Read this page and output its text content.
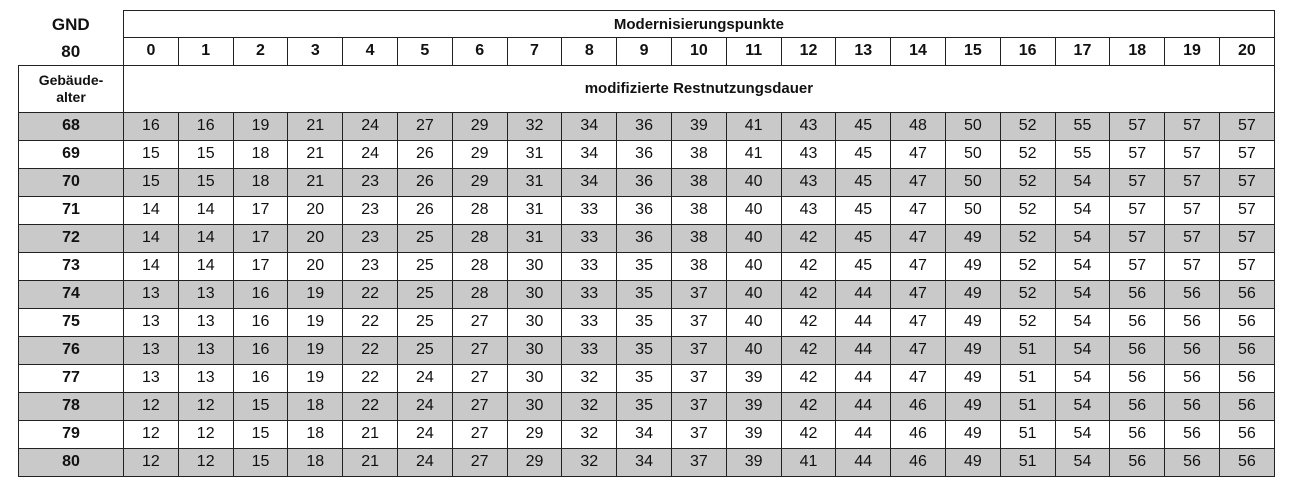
GND	Modernisierungspunkte																				
80	0	1	2	3	4	5	6	7	8	9	10	11	12	13	14	15	16	17	18	19	20
Gebäude-
alter	modifizierte Restnutzungsdauer																				
68	16	16	19	21	24	27	29	32	34	36	39	41	43	45	48	50	52	55	57	57	57
69	15	15	18	21	24	26	29	31	34	36	38	41	43	45	47	50	52	55	57	57	57
70	15	15	18	21	23	26	29	31	34	36	38	40	43	45	47	50	52	54	57	57	57
71	14	14	17	20	23	26	28	31	33	36	38	40	43	45	47	50	52	54	57	57	57
72	14	14	17	20	23	25	28	31	33	36	38	40	42	45	47	49	52	54	57	57	57
73	14	14	17	20	23	25	28	30	33	35	38	40	42	45	47	49	52	54	57	57	57
74	13	13	16	19	22	25	28	30	33	35	37	40	42	44	47	49	52	54	56	56	56
75	13	13	16	19	22	25	27	30	33	35	37	40	42	44	47	49	52	54	56	56	56
76	13	13	16	19	22	25	27	30	33	35	37	40	42	44	47	49	51	54	56	56	56
77	13	13	16	19	22	24	27	30	32	35	37	39	42	44	47	49	51	54	56	56	56
78	12	12	15	18	22	24	27	30	32	35	37	39	42	44	46	49	51	54	56	56	56
79	12	12	15	18	21	24	27	29	32	34	37	39	42	44	46	49	51	54	56	56	56
80	12	12	15	18	21	24	27	29	32	34	37	39	41	44	46	49	51	54	56	56	56
